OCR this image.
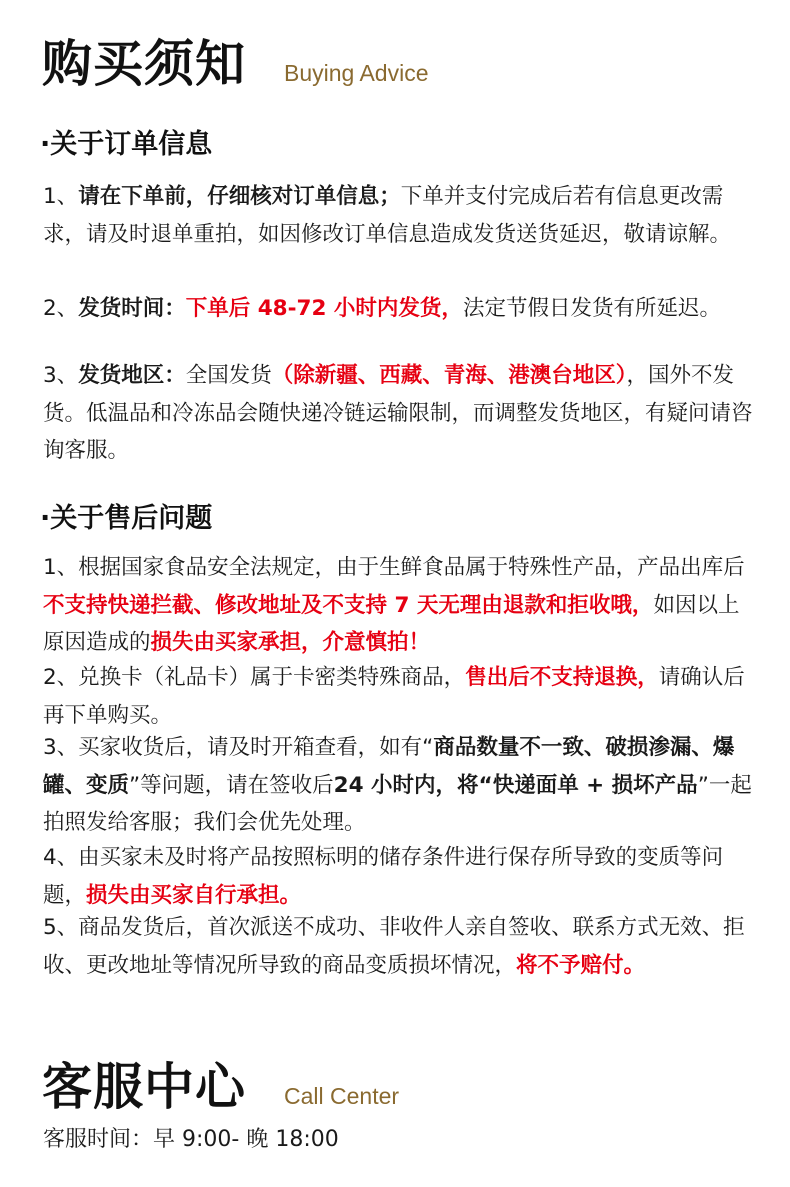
购买须知 Buying Advice
·关于订单信息
1、请在下单前，仔细核对订单信息；下单并支付完成后若有信息更改需求，请及时退单重拍，如因修改订单信息造成发货送货延迟，敬请谅解。
2、发货时间：下单后 48-72 小时内发货，法定节假日发货有所延迟。
3、发货地区：全国发货（除新疆、西藏、青海、港澳台地区），国外不发货。低温品和冷冻品会随快递冷链运输限制，而调整发货地区，有疑问请咨询客服。
·关于售后问题
1、根据国家食品安全法规定，由于生鲜食品属于特殊性产品，产品出库后不支持快递拦截、修改地址及不支持 7 天无理由退款和拒收哦，如因以上原因造成的损失由买家承担，介意慎拍！
2、兑换卡（礼品卡）属于卡密类特殊商品，售出后不支持退换，请确认后再下单购买。
3、买家收货后，请及时开箱查看，如有“商品数量不一致、破损渗漏、爆罐、变质”等问题，请在签收后24 小时内，将“快递面单 + 损坏产品”一起拍照发给客服；我们会优先处理。
4、由买家未及时将产品按照标明的储存条件进行保存所导致的变质等问题，损失由买家自行承担。
5、商品发货后，首次派送不成功、非收件人亲自签收、联系方式无效、拒收、更改地址等情况所导致的商品变质损坏情况，将不予赔付。
客服中心 Call Center
客服时间：早 9:00- 晚 18:00
